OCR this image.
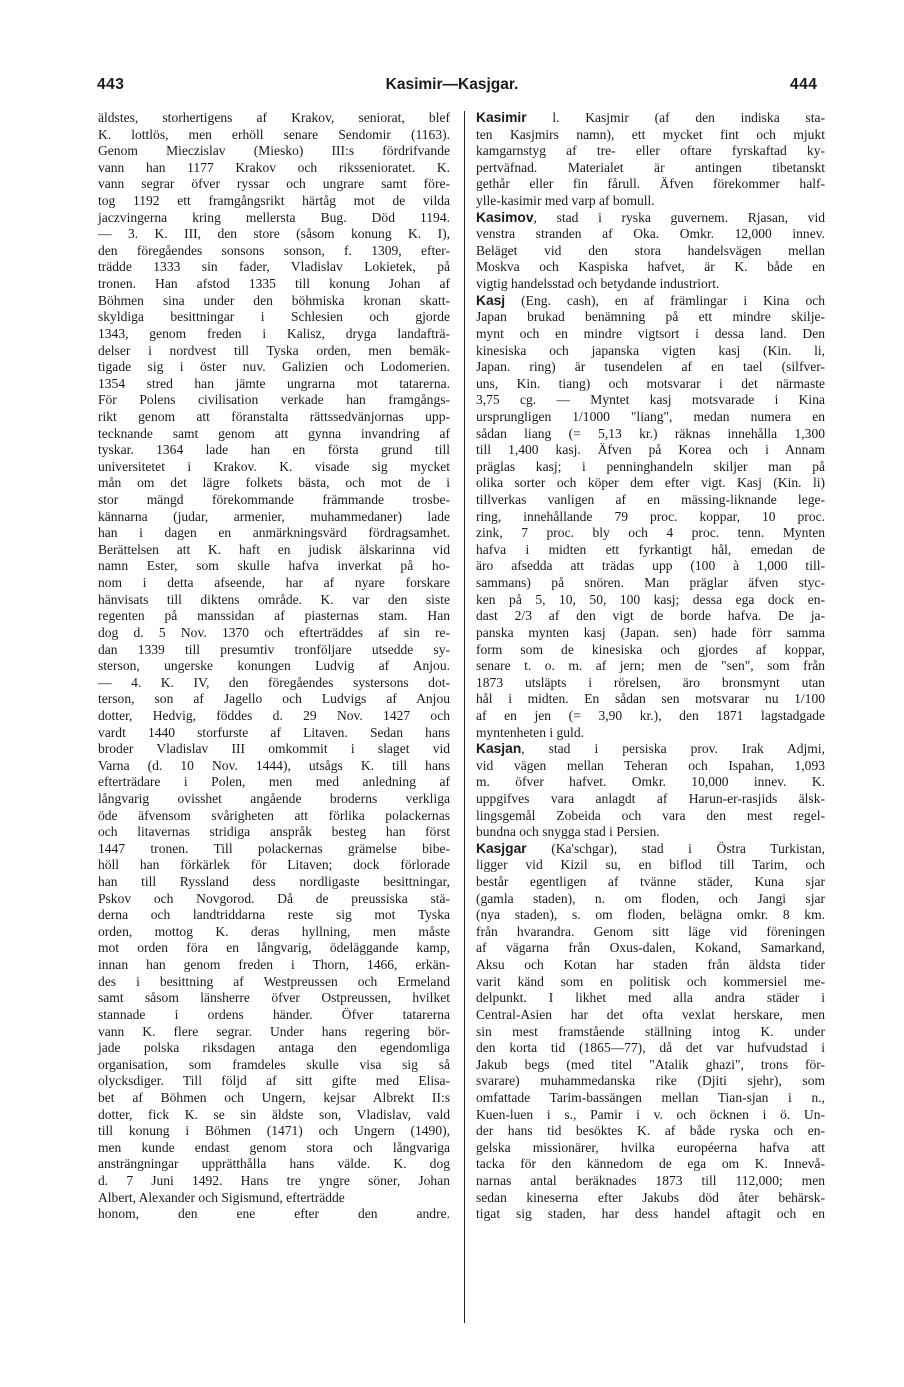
443	Kasimir—Kasjgar.	444
äldstes, storhertigens af Krakov, seniorat, blef
K. lottlös, men erhöll senare Sendomir (1163).
Genom Mieczislav (Miesko) III:s fördrifvande
vann han 1177 Krakov och rikssenioratet. K.
vann segrar öfver ryssar och ungrare samt före-
tog 1192 ett framgångsrikt härtåg mot de vilda
jaczvingerna kring mellersta Bug. Död 1194.
— 3. K. III, den store (såsom konung K. I),
den föregåendes sonsons sonson, f. 1309, efter-
trädde 1333 sin fader, Vladislav Lokietek, på
tronen. Han afstod 1335 till konung Johan af
Böhmen sina under den böhmiska kronan skatt-
skyldiga besittningar i Schlesien och gjorde
1343, genom freden i Kalisz, dryga landafträ-
delser i nordvest till Tyska orden, men bemäk-
tigade sig i öster nuv. Galizien och Lodomerien.
1354 stred han jämte ungrarna mot tatarerna.
För Polens civilisation verkade han framgångs-
rikt genom att föranstalta rättssedvänjornas upp-
tecknande samt genom att gynna invandring af
tyskar. 1364 lade han en första grund till
universitetet i Krakov. K. visade sig mycket
mån om det lägre folkets bästa, och mot de i
stor mängd förekommande främmande trosbe-
kännarna (judar, armenier, muhammedaner) lade
han i dagen en anmärkningsvärd fördragsamhet.
Berättelsen att K. haft en judisk älskarinna vid
namn Ester, som skulle hafva inverkat på ho-
nom i detta afseende, har af nyare forskare
hänvisats till diktens område. K. var den siste
regenten på manssidan af piasternas stam. Han
dog d. 5 Nov. 1370 och efterträddes af sin re-
dan 1339 till presumtiv tronföljare utsedde sy-
sterson, ungerske konungen Ludvig af Anjou.
— 4. K. IV, den föregåendes systersons dot-
terson, son af Jagello och Ludvigs af Anjou
dotter, Hedvig, föddes d. 29 Nov. 1427 och
vardt 1440 storfurste af Litaven. Sedan hans
broder Vladislav III omkommit i slaget vid
Varna (d. 10 Nov. 1444), utsågs K. till hans
efterträdare i Polen, men med anledning af
långvarig ovisshet angående broderns verkliga
öde äfvensom svårigheten att förlika polackernas
och litavernas stridiga anspråk besteg han först
1447 tronen. Till polackernas grämelse bibe-
höll han förkärlek för Litaven; dock förlorade
han till Ryssland dess nordligaste besittningar,
Pskov och Novgorod. Då de preussiska stä-
derna och landtriddarna reste sig mot Tyska
orden, mottog K. deras hyllning, men måste
mot orden föra en långvarig, ödeläggande kamp,
innan han genom freden i Thorn, 1466, erkän-
des i besittning af Westpreussen och Ermeland
samt såsom länsherre öfver Ostpreussen, hvilket
stannade i ordens händer. Öfver tatarerna
vann K. flere segrar. Under hans regering bör-
jade polska riksdagen antaga den egendomliga
organisation, som framdeles skulle visa sig så
olycksdiger. Till följd af sitt gifte med Elisa-
bet af Böhmen och Ungern, kejsar Albrekt II:s
dotter, fick K. se sin äldste son, Vladislav, vald
till konung i Böhmen (1471) och Ungern (1490),
men kunde endast genom stora och långvariga
ansträngningar upprätthålla hans välde. K. dog
d. 7 Juni 1492. Hans tre yngre söner, Johan
Albert, Alexander och Sigismund, efterträdde
honom, den ene efter den andre.
Kasimir l. Kasjmir (af den indiska sta-
ten Kasjmirs namn), ett mycket fint och mjukt
kamgarnstyg af tre- eller oftare fyrskaftad ky-
pertväfnad. Materialet är antingen tibetanskt
gethår eller fin fårull. Äfven förekommer half-
ylle-kasimir med varp af bomull.
Kasimov, stad i ryska guvernem. Rjasan, vid
venstra stranden af Oka. Omkr. 12,000 innev.
Beläget vid den stora handelsvägen mellan
Moskva och Kaspiska hafvet, är K. både en
vigtig handelsstad och betydande industriort.
Kasj (Eng. cash), en af främlingar i Kina och
Japan brukad benämning på ett mindre skilje-
mynt och en mindre vigtsort i dessa land. Den
kinesiska och japanska vigten kasj (Kin. li,
Japan. ring) är tusendelen af en tael (silfver-
uns, Kin. tiang) och motsvarar i det närmaste
3,75 cg. — Myntet kasj motsvarade i Kina
ursprungligen 1/1000 "liang", medan numera en
sådan liang (= 5,13 kr.) räknas innehålla 1,300
till 1,400 kasj. Äfven på Korea och i Annam
präglas kasj; i penninghandeln skiljer man på
olika sorter och köper dem efter vigt. Kasj (Kin. li)
tillverkas vanligen af en mässing-liknande lege-
ring, innehållande 79 proc. koppar, 10 proc.
zink, 7 proc. bly och 4 proc. tenn. Mynten
hafva i midten ett fyrkantigt hål, emedan de
äro afsedda att trädas upp (100 à 1,000 till-
sammans) på snören. Man präglar äfven styc-
ken på 5, 10, 50, 100 kasj; dessa ega dock en-
dast 2/3 af den vigt de borde hafva. De ja-
panska mynten kasj (Japan. sen) hade förr samma
form som de kinesiska och gjordes af koppar,
senare t. o. m. af jern; men de "sen", som från
1873 utsläpts i rörelsen, äro bronsmynt utan
hål i midten. En sådan sen motsvarar nu 1/100
af en jen (= 3,90 kr.), den 1871 lagstadgade
myntenheten i guld.
Kasjan, stad i persiska prov. Irak Adjmi,
vid vägen mellan Teheran och Ispahan, 1,093
m. öfver hafvet. Omkr. 10,000 innev. K.
uppgifves vara anlagdt af Harun-er-rasjids älsk-
lingsgemål Zobeida och vara den mest regel-
bundna och snygga stad i Persien.
Kasjgar (Ka'schgar), stad i Östra Turkistan,
ligger vid Kizil su, en biflod till Tarim, och
består egentligen af tvänne städer, Kuna sjar
(gamla staden), n. om floden, och Jangi sjar
(nya staden), s. om floden, belägna omkr. 8 km.
från hvarandra. Genom sitt läge vid föreningen
af vägarna från Oxus-dalen, Kokand, Samarkand,
Aksu och Kotan har staden från äldsta tider
varit känd som en politisk och kommersiel me-
delpunkt. I likhet med alla andra städer i
Central-Asien har det ofta vexlat herskare, men
sin mest framstående ställning intog K. under
den korta tid (1865—77), då det var hufvudstad i
Jakub begs (med titel "Atalik ghazi", trons för-
svarare) muhammedanska rike (Djiti sjehr), som
omfattade Tarim-bassängen mellan Tian-sjan i n.,
Kuen-luen i s., Pamir i v. och öcknen i ö. Un-
der hans tid besöktes K. af både ryska och en-
gelska missionärer, hvilka européerna hafva att
tacka för den kännedom de ega om K. Innevå-
narnas antal beräknades 1873 till 112,000; men
sedan kineserna efter Jakubs död åter behärsk-
tigat sig staden, har dess handel aftagit och en
